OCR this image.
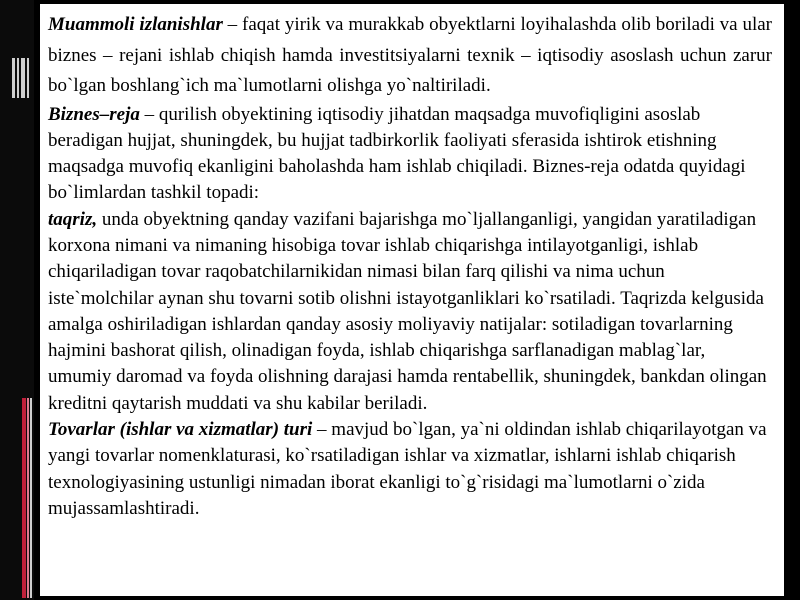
Muammoli izlanishlar – faqat yirik va murakkab obyektlarni loyihalashda olib boriladi va ular biznes – rejani ishlab chiqish hamda investitsiyalarni texnik – iqtisodiy asoslash uchun zarur bo`lgan boshlang`ich ma`lumotlarni olishga yo`naltiriladi.

Biznes–reja – qurilish obyektining iqtisodiy jihatdan maqsadga muvofiqligini asoslab beradigan hujjat, shuningdek, bu hujjat tadbirkorlik faoliyati sferasida ishtirok etishning maqsadga muvofiq ekanligini baholashda ham ishlab chiqiladi. Biznes-reja odatda quyidagi bo`limlardan tashkil topadi:

taqriz, unda obyektning qanday vazifani bajarishga mo`ljallanganligi, yangidan yaratiladigan korxona nimani va nimaning hisobiga tovar ishlab chiqarishga intilayotganligi, ishlab chiqariladigan tovar raqobatchilarnikidan nimasi bilan farq qilishi va nima uchun iste`molchilar aynan shu tovarni sotib olishni istayotganliklari ko`rsatiladi. Taqrizda kelgusida amalga oshiriladigan ishlardan qanday asosiy moliyaviy natijalar: sotiladigan tovarlarning hajmini bashorat qilish, olinadigan foyda, ishlab chiqarishga sarflanadigan mablag`lar, umumiy daromad va foyda olishning darajasi hamda rentabellik, shuningdek, bankdan olingan kreditni qaytarish muddati va shu kabilar beriladi.

Tovarlar (ishlar va xizmatlar) turi – mavjud bo`lgan, ya`ni oldindan ishlab chiqarilayotgan va yangi tovarlar nomenklaturasi, ko`rsatiladigan ishlar va xizmatlar, ishlarni ishlab chiqarish texnologiyasining ustunligi nimadan iborat ekanligi to`g`risidagi ma`lumotlarni o`zida mujassamlashtiradi.
